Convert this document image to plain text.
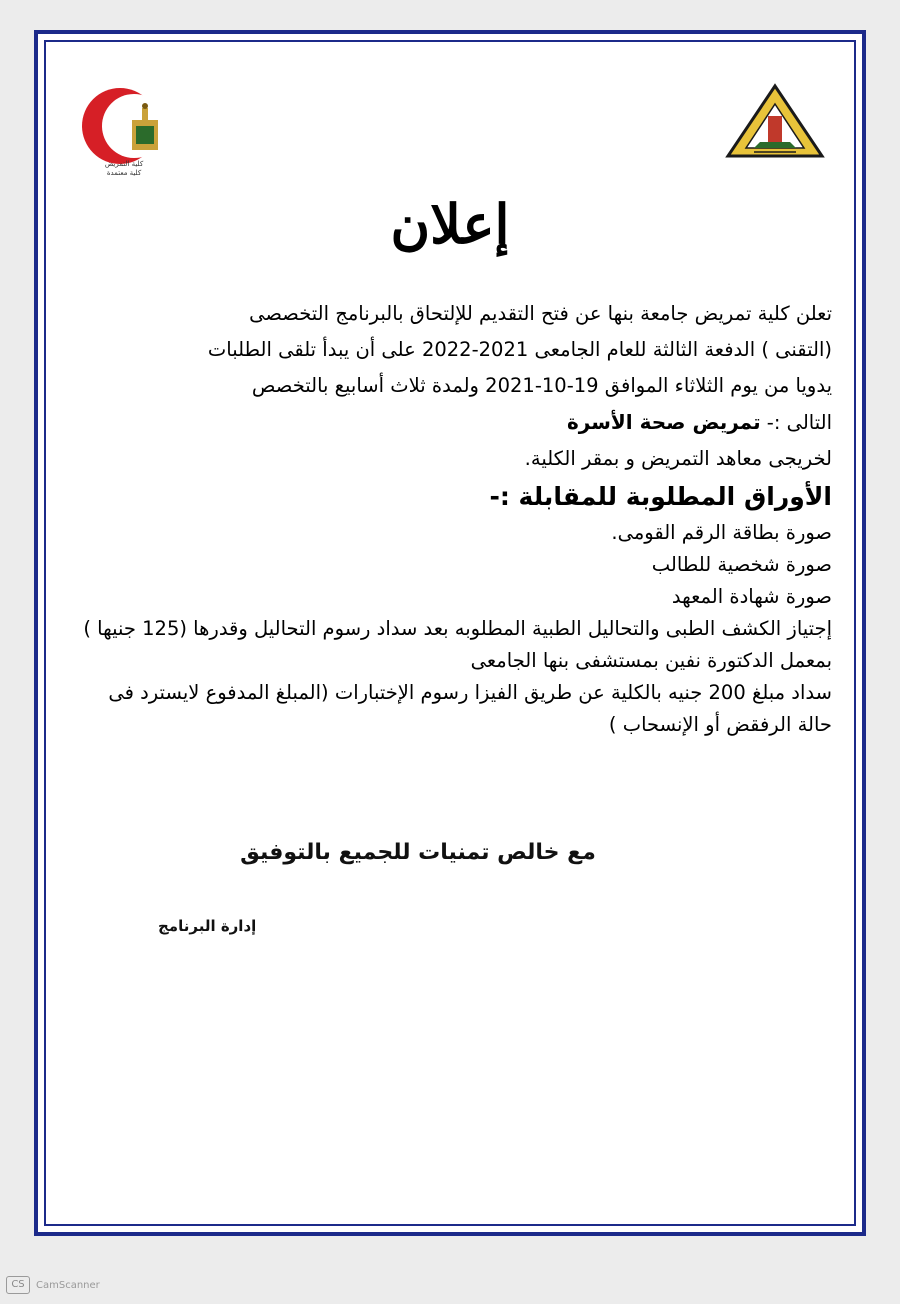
كلية التمريض
كلية معتمدة
إعلان

تعلن كلية تمريض جامعة بنها عن فتح التقديم للإلتحاق بالبرنامج التخصصى

(التقنى ) الدفعة الثالثة للعام الجامعى 2021-2022 على أن يبدأ تلقى الطلبات

يدويا من يوم الثلاثاء الموافق 19-10-2021 ولمدة ثلاث أسابيع بالتخصص

التالى :- تمريض صحة الأسرة

لخريجى معاهد التمريض و بمقر الكلية.

الأوراق المطلوبة للمقابلة :-

صورة بطاقة الرقم القومى.

صورة شخصية للطالب

صورة شهادة المعهد

إجتياز الكشف الطبى والتحاليل الطبية المطلوبه بعد سداد رسوم التحاليل وقدرها (125 جنيها ) بمعمل الدكتورة نفين بمستشفى بنها الجامعى

سداد مبلغ 200 جنيه بالكلية عن طريق الفيزا رسوم الإختبارات (المبلغ المدفوع لايسترد فى حالة الرفقض أو الإنسحاب )

مع خالص تمنيات للجميع بالتوفيق
إدارة البرنامج
CS	CamScanner
